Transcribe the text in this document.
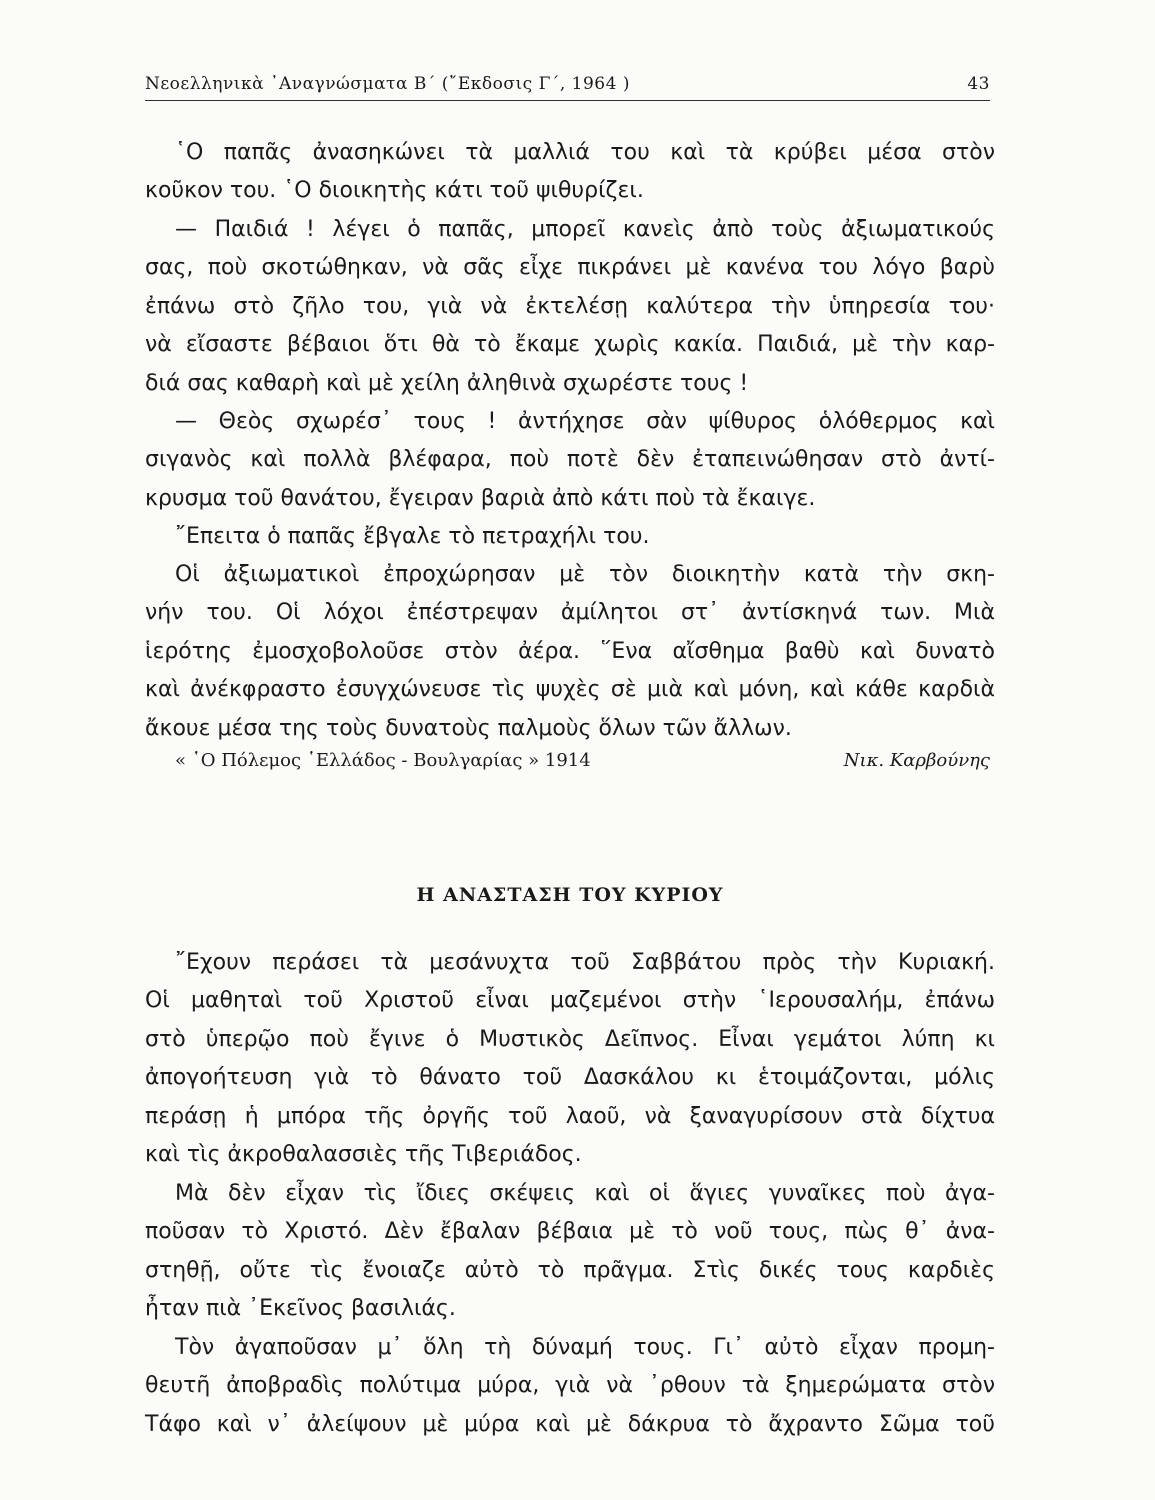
Νεοελληνικὰ ᾿Αναγνώσματα Β΄ (῎Εκδοσις Γ΄, 1964 )	43
῾Ο παπᾶς ἀνασηκώνει τὰ μαλλιά του καὶ τὰ κρύβει μέσα στὸν
κοῦκον του. ῾Ο διοικητὴς κάτι τοῦ ψιθυρίζει.
— Παιδιά ! λέγει ὁ παπᾶς, μπορεῖ κανεὶς ἀπὸ τοὺς ἀξιωματικούς
σας, ποὺ σκοτώθηκαν, νὰ σᾶς εἶχε πικράνει μὲ κανένα του λόγο βαρὺ
ἐπάνω στὸ ζῆλο του, γιὰ νὰ ἐκτελέσῃ καλύτερα τὴν ὑπηρεσία του·
νὰ εἴσαστε βέβαιοι ὅτι θὰ τὸ ἔκαμε χωρὶς κακία. Παιδιά, μὲ τὴν καρ-
διά σας καθαρὴ καὶ μὲ χείλη ἀληθινὰ σχωρέστε τους !
— Θεὸς σχωρέσ᾿ τους ! ἀντήχησε σὰν ψίθυρος ὁλόθερμος καὶ
σιγανὸς καὶ πολλὰ βλέφαρα, ποὺ ποτὲ δὲν ἐταπεινώθησαν στὸ ἀντί-
κρυσμα τοῦ θανάτου, ἔγειραν βαριὰ ἀπὸ κάτι ποὺ τὰ ἔκαιγε.
῎Επειτα ὁ παπᾶς ἔβγαλε τὸ πετραχήλι του.
Οἱ ἀξιωματικοὶ ἐπροχώρησαν μὲ τὸν διοικητὴν κατὰ τὴν σκη-
νήν του. Οἱ λόχοι ἐπέστρεψαν ἀμίλητοι στ᾿ ἀντίσκηνά των. Μιὰ
ἱερότης ἐμοσχοβολοῦσε στὸν ἀέρα. ῞Ενα αἴσθημα βαθὺ καὶ δυνατὸ
καὶ ἀνέκφραστο ἐσυγχώνευσε τὶς ψυχὲς σὲ μιὰ καὶ μόνη, καὶ κάθε καρδιὰ
ἄκουε μέσα της τοὺς δυνατοὺς παλμοὺς ὅλων τῶν ἄλλων.
« ῾Ο Πόλεμος ῾Ελλάδος - Βουλγαρίας » 1914	Νικ. Καρβούνης
Η ΑΝΑΣΤΑΣΗ ΤΟΥ ΚΥΡΙΟΥ
῎Εχουν περάσει τὰ μεσάνυχτα τοῦ Σαββάτου πρὸς τὴν Κυριακή.
Οἱ μαθηταὶ τοῦ Χριστοῦ εἶναι μαζεμένοι στὴν ῾Ιερουσαλήμ, ἐπάνω
στὸ ὑπερῷο ποὺ ἔγινε ὁ Μυστικὸς Δεῖπνος. Εἶναι γεμάτοι λύπη κι
ἀπογοήτευση γιὰ τὸ θάνατο τοῦ Δασκάλου κι ἑτοιμάζονται, μόλις
περάσῃ ἡ μπόρα τῆς ὀργῆς τοῦ λαοῦ, νὰ ξαναγυρίσουν στὰ δίχτυα
καὶ τὶς ἀκροθαλασσιὲς τῆς Τιβεριάδος.
Μὰ δὲν εἶχαν τὶς ἴδιες σκέψεις καὶ οἱ ἅγιες γυναῖκες ποὺ ἀγα-
ποῦσαν τὸ Χριστό. Δὲν ἔβαλαν βέβαια μὲ τὸ νοῦ τους, πὼς θ᾿ ἀνα-
στηθῇ, οὔτε τὶς ἔνοιαζε αὐτὸ τὸ πρᾶγμα. Στὶς δικές τους καρδιὲς
ἦταν πιὰ ᾿Εκεῖνος βασιλιάς.
Τὸν ἀγαποῦσαν μ᾿ ὅλη τὴ δύναμή τους. Γι᾿ αὐτὸ εἶχαν προμη-
θευτῆ ἀποβραδὶς πολύτιμα μύρα, γιὰ νὰ ᾿ρθουν τὰ ξημερώματα στὸν
Τάφο καὶ ν᾿ ἀλείψουν μὲ μύρα καὶ μὲ δάκρυα τὸ ἄχραντο Σῶμα τοῦ
